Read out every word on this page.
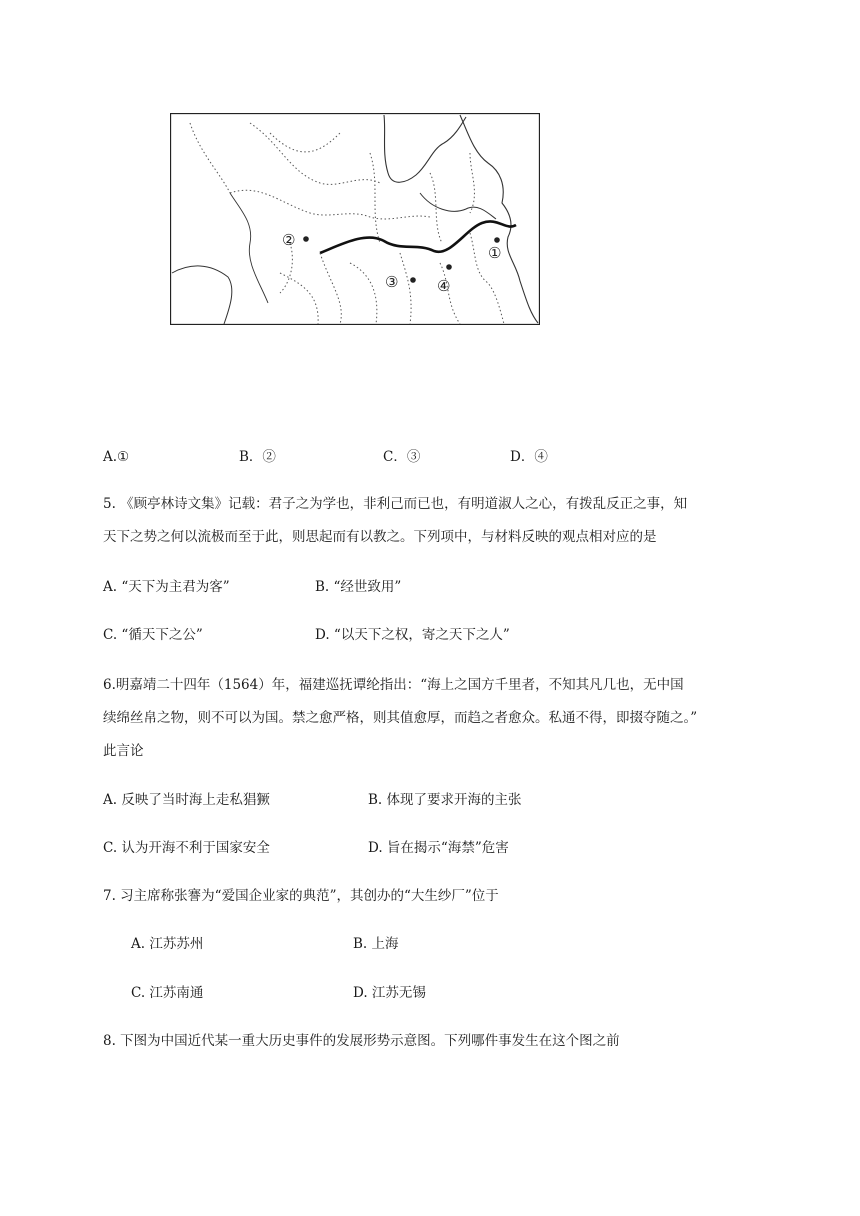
①
②
③	④
A.①	B．②	C．③	D．④
5. 《顾亭林诗文集》记载：君子之为学也，非利己而已也，有明道淑人之心，有拨乱反正之事，知
天下之势之何以流极而至于此，则思起而有以教之。下列项中，与材料反映的观点相对应的是
A. “天下为主君为客”	B. “经世致用”
C. “循天下之公”	D. “以天下之权，寄之天下之人”
6.明嘉靖二十四年（1564）年，福建巡抚谭纶指出：“海上之国方千里者，不知其凡几也，无中国
续绵丝帛之物，则不可以为国。禁之愈严格，则其值愈厚，而趋之者愈众。私通不得，即掇夺随之。”
此言论
A. 反映了当时海上走私猖獗	B. 体现了要求开海的主张
C. 认为开海不利于国家安全	D. 旨在揭示“海禁”危害
7. 习主席称张謇为“爱国企业家的典范”，其创办的“大生纱厂”位于
A. 江苏苏州	B. 上海
C. 江苏南通	D. 江苏无锡
8. 下图为中国近代某一重大历史事件的发展形势示意图。下列哪件事发生在这个图之前
